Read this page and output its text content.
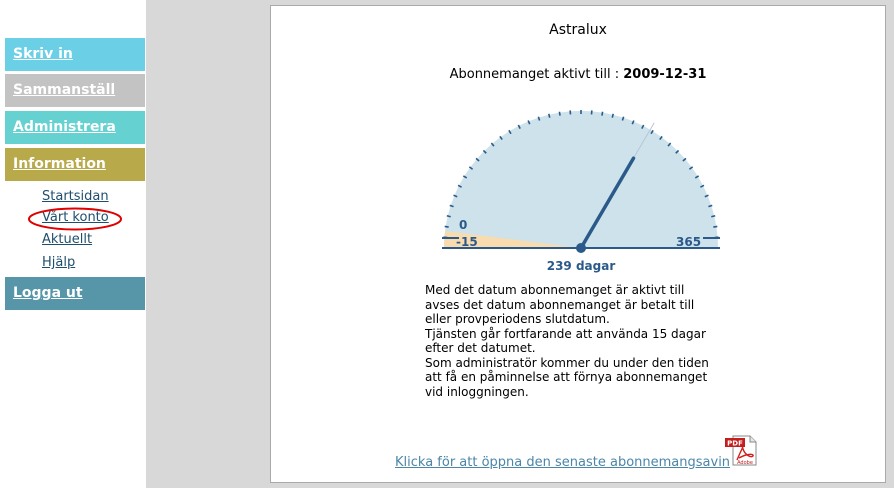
Skriv in
Sammanställ
Administrera
Information
Startsidan
Vårt konto
Aktuellt
Hjälp
Logga ut
Astralux
Abonnemanget aktivt till : 2009-12-31
0
-15	365
239 dagar
Med det datum abonnemanget är aktivt till
avses det datum abonnemanget är betalt till
eller provperiodens slutdatum.
Tjänsten går fortfarande att använda 15 dagar
efter det datumet.
Som administratör kommer du under den tiden
att få en påminnelse att förnya abonnemanget
vid inloggningen.
Klicka för att öppna den senaste abonnemangsavin
PDF
Adobe
